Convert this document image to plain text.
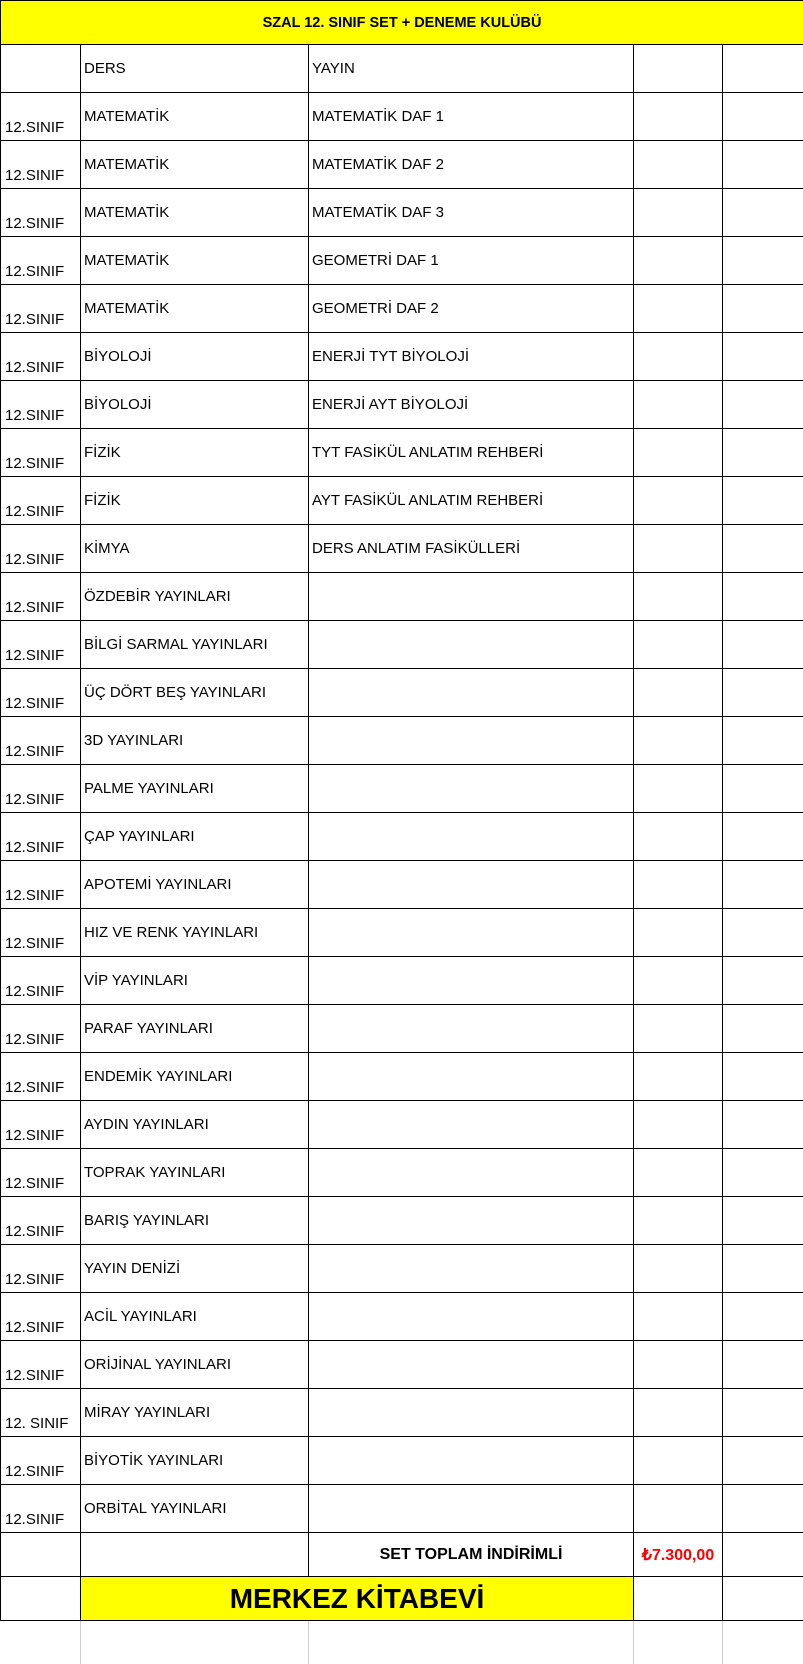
SZAL 12. SINIF SET + DENEME KULÜBÜ				
	DERS	YAYIN		
12.SINIF	MATEMATİK	MATEMATİK DAF 1		
12.SINIF	MATEMATİK	MATEMATİK DAF 2		
12.SINIF	MATEMATİK	MATEMATİK DAF 3		
12.SINIF	MATEMATİK	GEOMETRİ DAF 1		
12.SINIF	MATEMATİK	GEOMETRİ DAF 2		
12.SINIF	BİYOLOJİ	ENERJİ TYT BİYOLOJİ		
12.SINIF	BİYOLOJİ	ENERJİ AYT BİYOLOJİ		
12.SINIF	FİZİK	TYT FASİKÜL ANLATIM REHBERİ		
12.SINIF	FİZİK	AYT FASİKÜL ANLATIM REHBERİ		
12.SINIF	KİMYA	DERS ANLATIM FASİKÜLLERİ		
12.SINIF	ÖZDEBİR YAYINLARI			
12.SINIF	BİLGİ SARMAL YAYINLARI			
12.SINIF	ÜÇ DÖRT BEŞ YAYINLARI			
12.SINIF	3D YAYINLARI			
12.SINIF	PALME YAYINLARI			
12.SINIF	ÇAP YAYINLARI			
12.SINIF	APOTEMİ YAYINLARI			
12.SINIF	HIZ VE RENK YAYINLARI			
12.SINIF	VİP YAYINLARI			
12.SINIF	PARAF YAYINLARI			
12.SINIF	ENDEMİK YAYINLARI			
12.SINIF	AYDIN YAYINLARI			
12.SINIF	TOPRAK YAYINLARI			
12.SINIF	BARIŞ YAYINLARI			
12.SINIF	YAYIN DENİZİ			
12.SINIF	ACİL YAYINLARI			
12.SINIF	ORİJİNAL YAYINLARI			
12. SINIF	MİRAY YAYINLARI			
12.SINIF	BİYOTİK YAYINLARI			
12.SINIF	ORBİTAL YAYINLARI			
		SET TOPLAM İNDİRİMLİ	₺7.300,00	
	MERKEZ KİTABEVİ			
